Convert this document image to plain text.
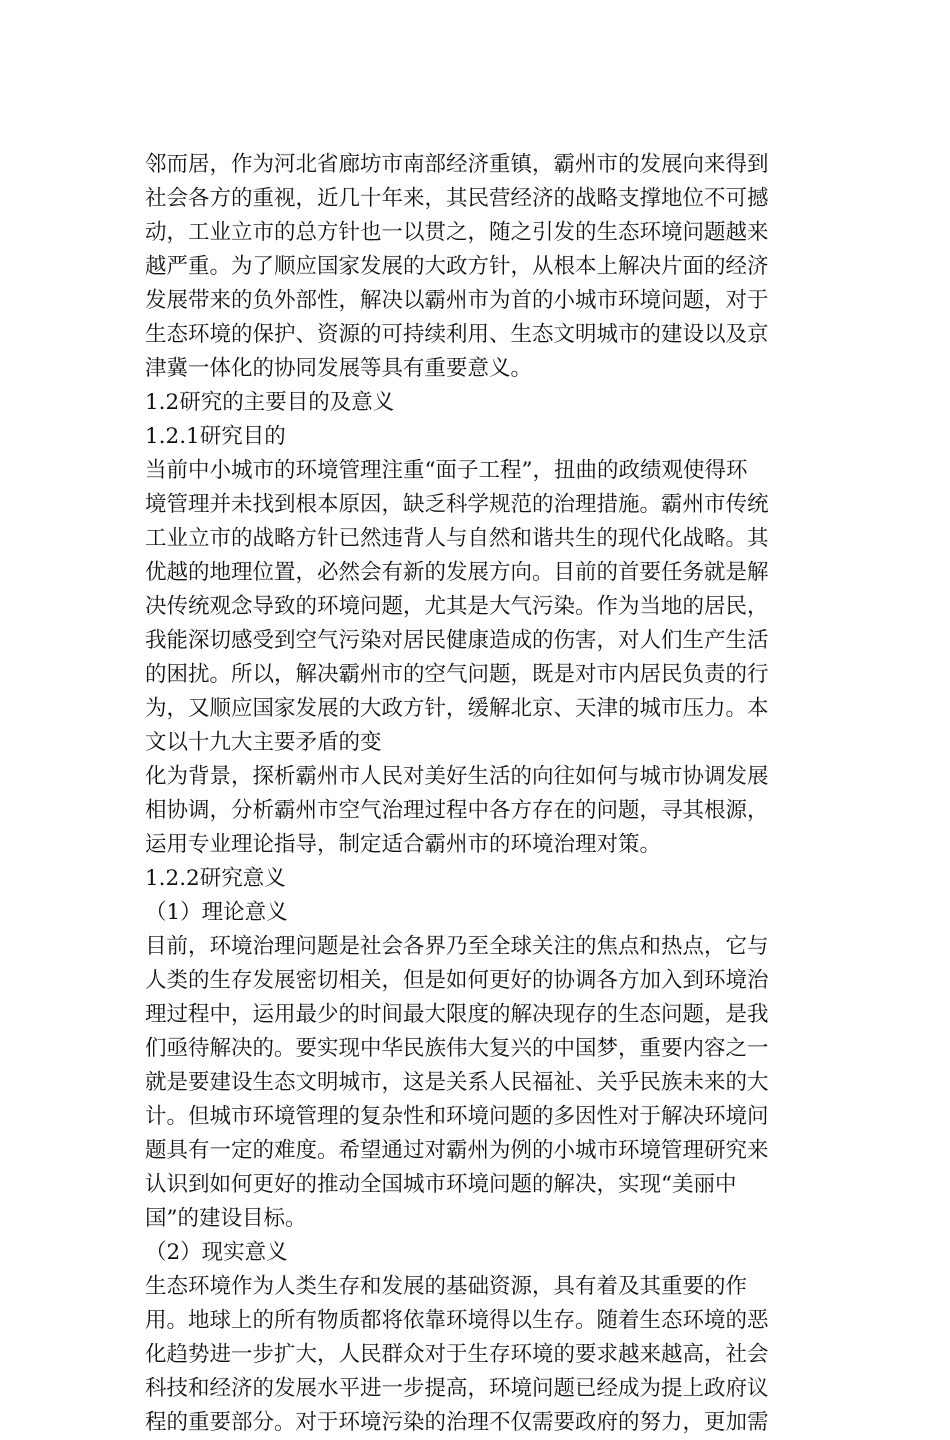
邻而居，作为河北省廊坊市南部经济重镇，霸州市的发展向来得到
社会各方的重视，近几十年来，其民营经济的战略支撑地位不可撼
动，工业立市的总方针也一以贯之，随之引发的生态环境问题越来
越严重。为了顺应国家发展的大政方针，从根本上解决片面的经济
发展带来的负外部性，解决以霸州市为首的小城市环境问题，对于
生态环境的保护、资源的可持续利用、生态文明城市的建设以及京
津冀一体化的协同发展等具有重要意义。
1.2研究的主要目的及意义
1.2.1研究目的
当前中小城市的环境管理注重“面子工程”，扭曲的政绩观使得环
境管理并未找到根本原因，缺乏科学规范的治理措施。霸州市传统
工业立市的战略方针已然违背人与自然和谐共生的现代化战略。其
优越的地理位置，必然会有新的发展方向。目前的首要任务就是解
决传统观念导致的环境问题，尤其是大气污染。作为当地的居民，
我能深切感受到空气污染对居民健康造成的伤害，对人们生产生活
的困扰。所以，解决霸州市的空气问题，既是对市内居民负责的行
为，又顺应国家发展的大政方针，缓解北京、天津的城市压力。本
文以十九大主要矛盾的变
化为背景，探析霸州市人民对美好生活的向往如何与城市协调发展
相协调，分析霸州市空气治理过程中各方存在的问题，寻其根源，
运用专业理论指导，制定适合霸州市的环境治理对策。
1.2.2研究意义
（1）理论意义
目前，环境治理问题是社会各界乃至全球关注的焦点和热点，它与
人类的生存发展密切相关，但是如何更好的协调各方加入到环境治
理过程中，运用最少的时间最大限度的解决现存的生态问题，是我
们亟待解决的。要实现中华民族伟大复兴的中国梦，重要内容之一
就是要建设生态文明城市，这是关系人民福祉、关乎民族未来的大
计。但城市环境管理的复杂性和环境问题的多因性对于解决环境问
题具有一定的难度。希望通过对霸州为例的小城市环境管理研究来
认识到如何更好的推动全国城市环境问题的解决，实现“美丽中
国”的建设目标。
（2）现实意义
生态环境作为人类生存和发展的基础资源，具有着及其重要的作
用。地球上的所有物质都将依靠环境得以生存。随着生态环境的恶
化趋势进一步扩大，人民群众对于生存环境的要求越来越高，社会
科技和经济的发展水平进一步提高，环境问题已经成为提上政府议
程的重要部分。对于环境污染的治理不仅需要政府的努力，更加需
